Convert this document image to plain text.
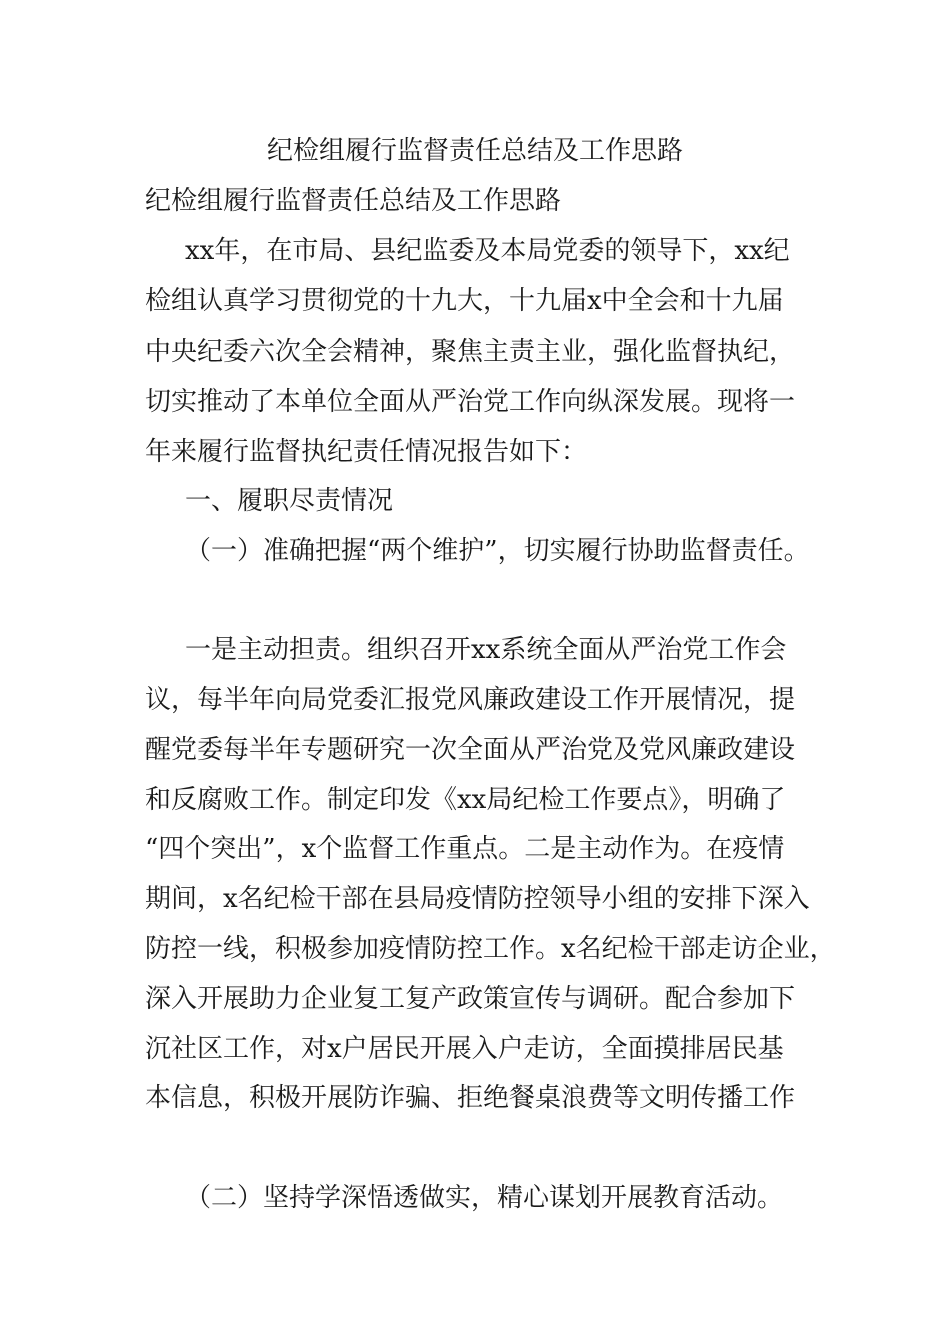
纪检组履行监督责任总结及工作思路
纪检组履行监督责任总结及工作思路
xx年，在市局、县纪监委及本局党委的领导下，xx纪
检组认真学习贯彻党的十九大，十九届x中全会和十九届
中央纪委六次全会精神，聚焦主责主业，强化监督执纪，
切实推动了本单位全面从严治党工作向纵深发展。现将一
年来履行监督执纪责任情况报告如下：
一、履职尽责情况
（一）准确把握“两个维护”，切实履行协助监督责任。
一是主动担责。组织召开xx系统全面从严治党工作会
议，每半年向局党委汇报党风廉政建设工作开展情况，提
醒党委每半年专题研究一次全面从严治党及党风廉政建设
和反腐败工作。制定印发《xx局纪检工作要点》，明确了
“四个突出”，x个监督工作重点。二是主动作为。在疫情
期间，x名纪检干部在县局疫情防控领导小组的安排下深入
防控一线，积极参加疫情防控工作。x名纪检干部走访企业，
深入开展助力企业复工复产政策宣传与调研。配合参加下
沉社区工作，对x户居民开展入户走访，全面摸排居民基
本信息，积极开展防诈骗、拒绝餐桌浪费等文明传播工作
（二）坚持学深悟透做实，精心谋划开展教育活动。
